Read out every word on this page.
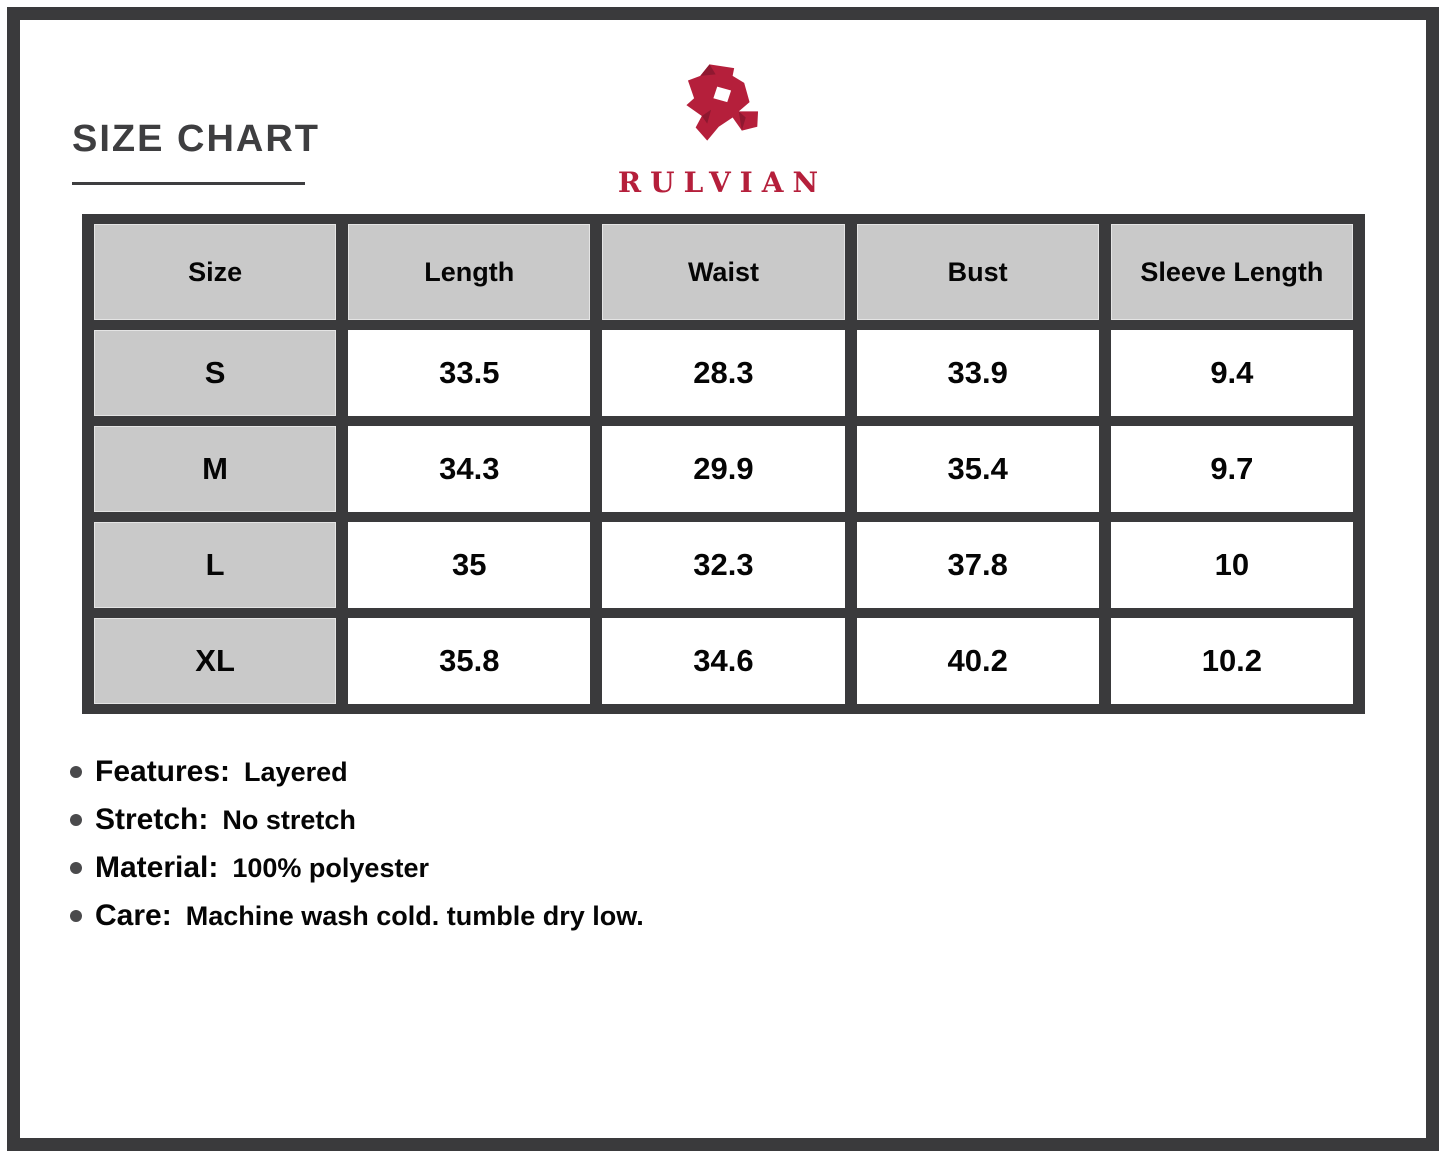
SIZE CHART
RULVIAN
Size	Length	Waist	Bust	Sleeve Length
S	33.5	28.3	33.9	9.4
M	34.3	29.9	35.4	9.7
L	35	32.3	37.8	10
XL	35.8	34.6	40.2	10.2
Features: Layered
Stretch: No stretch
Material: 100% polyester
Care: Machine wash cold. tumble dry low.
